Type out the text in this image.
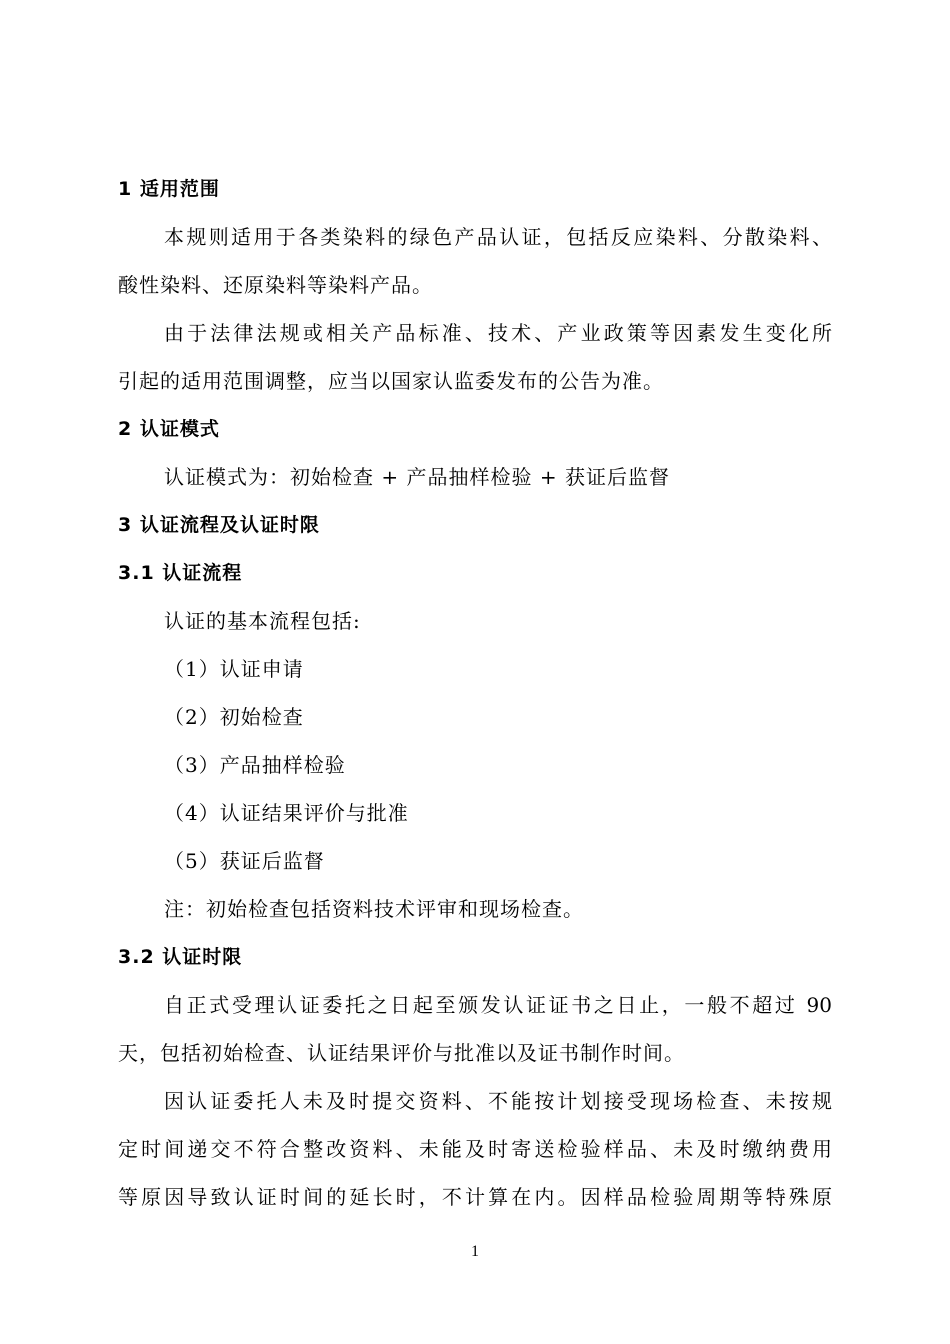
1 适用范围
本规则适用于各类染料的绿色产品认证，包括反应染料、分散染料、
酸性染料、还原染料等染料产品。
由于法律法规或相关产品标准、技术、产业政策等因素发生变化所
引起的适用范围调整，应当以国家认监委发布的公告为准。
2 认证模式
认证模式为：初始检查 + 产品抽样检验 + 获证后监督
3 认证流程及认证时限
3.1 认证流程
认证的基本流程包括:
（1）认证申请
（2）初始检查
（3）产品抽样检验
（4）认证结果评价与批准
（5）获证后监督
注：初始检查包括资料技术评审和现场检查。
3.2 认证时限
自正式受理认证委托之日起至颁发认证证书之日止，一般不超过 90
天，包括初始检查、认证结果评价与批准以及证书制作时间。
因认证委托人未及时提交资料、不能按计划接受现场检查、未按规
定时间递交不符合整改资料、未能及时寄送检验样品、未及时缴纳费用
等原因导致认证时间的延长时，不计算在内。因样品检验周期等特殊原
1
